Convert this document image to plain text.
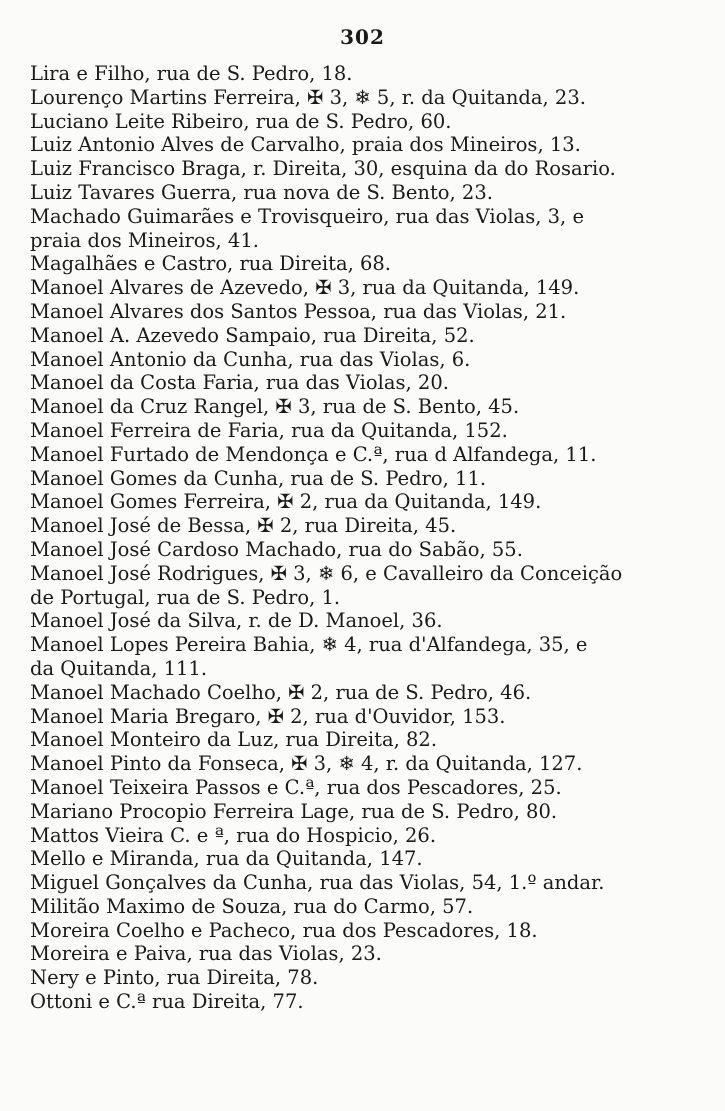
302
Lira e Filho, rua de S. Pedro, 18.
Lourenço Martins Ferreira, ✠ 3, ❄ 5, r. da Quitanda, 23.
Luciano Leite Ribeiro, rua de S. Pedro, 60.
Luiz Antonio Alves de Carvalho, praia dos Mineiros, 13.
Luiz Francisco Braga, r. Direita, 30, esquina da do Rosario.
Luiz Tavares Guerra, rua nova de S. Bento, 23.
Machado Guimarães e Trovisqueiro, rua das Violas, 3, e
praia dos Mineiros, 41.
Magalhães e Castro, rua Direita, 68.
Manoel Alvares de Azevedo, ✠ 3, rua da Quitanda, 149.
Manoel Alvares dos Santos Pessoa, rua das Violas, 21.
Manoel A. Azevedo Sampaio, rua Direita, 52.
Manoel Antonio da Cunha, rua das Violas, 6.
Manoel da Costa Faria, rua das Violas, 20.
Manoel da Cruz Rangel, ✠ 3, rua de S. Bento, 45.
Manoel Ferreira de Faria, rua da Quitanda, 152.
Manoel Furtado de Mendonça e C.ª, rua d Alfandega, 11.
Manoel Gomes da Cunha, rua de S. Pedro, 11.
Manoel Gomes Ferreira, ✠ 2, rua da Quitanda, 149.
Manoel José de Bessa, ✠ 2, rua Direita, 45.
Manoel José Cardoso Machado, rua do Sabão, 55.
Manoel José Rodrigues, ✠ 3, ❄ 6, e Cavalleiro da Conceição
de Portugal, rua de S. Pedro, 1.
Manoel José da Silva, r. de D. Manoel, 36.
Manoel Lopes Pereira Bahia, ❄ 4, rua d'Alfandega, 35, e
da Quitanda, 111.
Manoel Machado Coelho, ✠ 2, rua de S. Pedro, 46.
Manoel Maria Bregaro, ✠ 2, rua d'Ouvidor, 153.
Manoel Monteiro da Luz, rua Direita, 82.
Manoel Pinto da Fonseca, ✠ 3, ❄ 4, r. da Quitanda, 127.
Manoel Teixeira Passos e C.ª, rua dos Pescadores, 25.
Mariano Procopio Ferreira Lage, rua de S. Pedro, 80.
Mattos Vieira C. e ª, rua do Hospicio, 26.
Mello e Miranda, rua da Quitanda, 147.
Miguel Gonçalves da Cunha, rua das Violas, 54, 1.º andar.
Militão Maximo de Souza, rua do Carmo, 57.
Moreira Coelho e Pacheco, rua dos Pescadores, 18.
Moreira e Paiva, rua das Violas, 23.
Nery e Pinto, rua Direita, 78.
Ottoni e C.ª rua Direita, 77.
